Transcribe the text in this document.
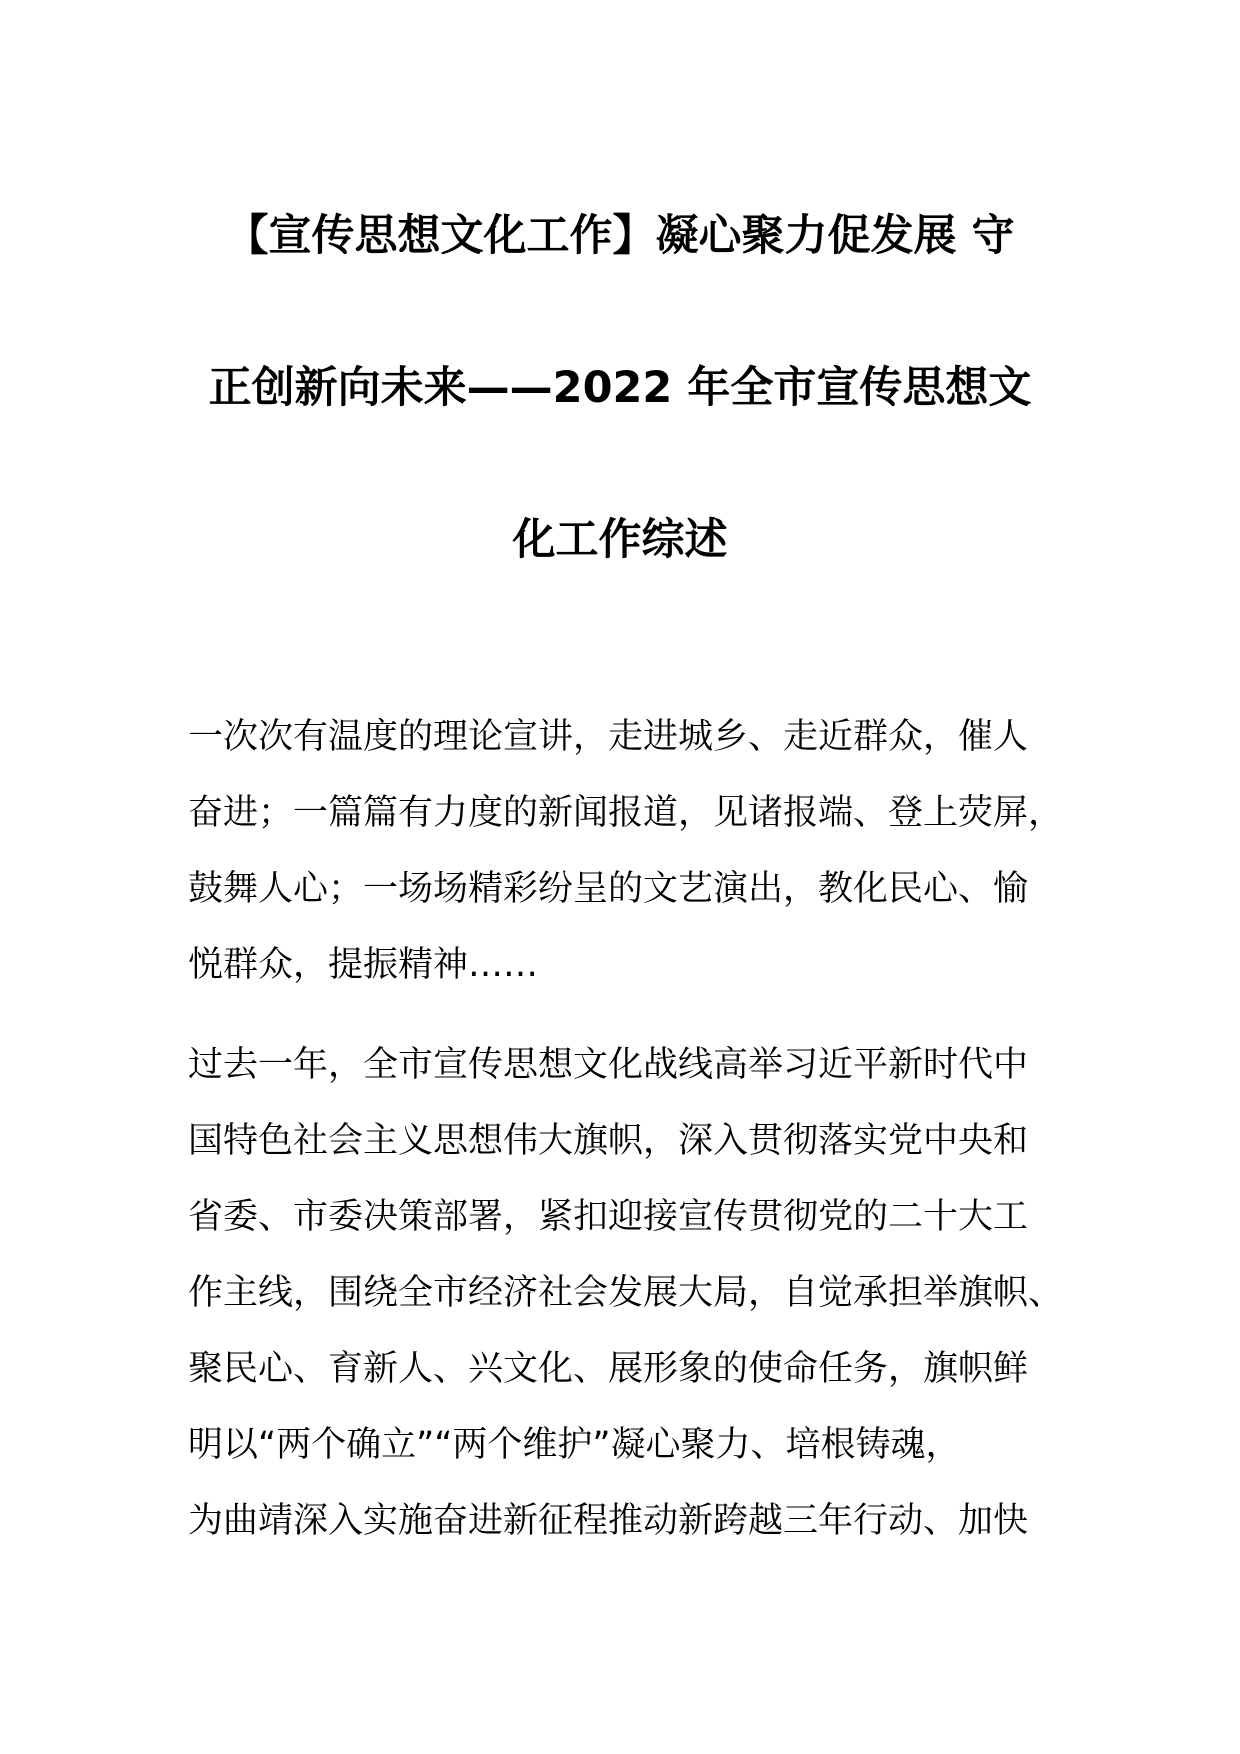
【宣传思想文化工作】凝心聚力促发展 守
正创新向未来——2022 年全市宣传思想文
化工作综述

一次次有温度的理论宣讲，走进城乡、走近群众，催人
奋进；一篇篇有力度的新闻报道，见诸报端、登上荧屏，
鼓舞人心；一场场精彩纷呈的文艺演出，教化民心、愉
悦群众，提振精神……

过去一年，全市宣传思想文化战线高举习近平新时代中
国特色社会主义思想伟大旗帜，深入贯彻落实党中央和
省委、市委决策部署，紧扣迎接宣传贯彻党的二十大工
作主线，围绕全市经济社会发展大局，自觉承担举旗帜、
聚民心、育新人、兴文化、展形象的使命任务，旗帜鲜
明以“两个确立”“两个维护”凝心聚力、培根铸魂，
为曲靖深入实施奋进新征程推动新跨越三年行动、加快
